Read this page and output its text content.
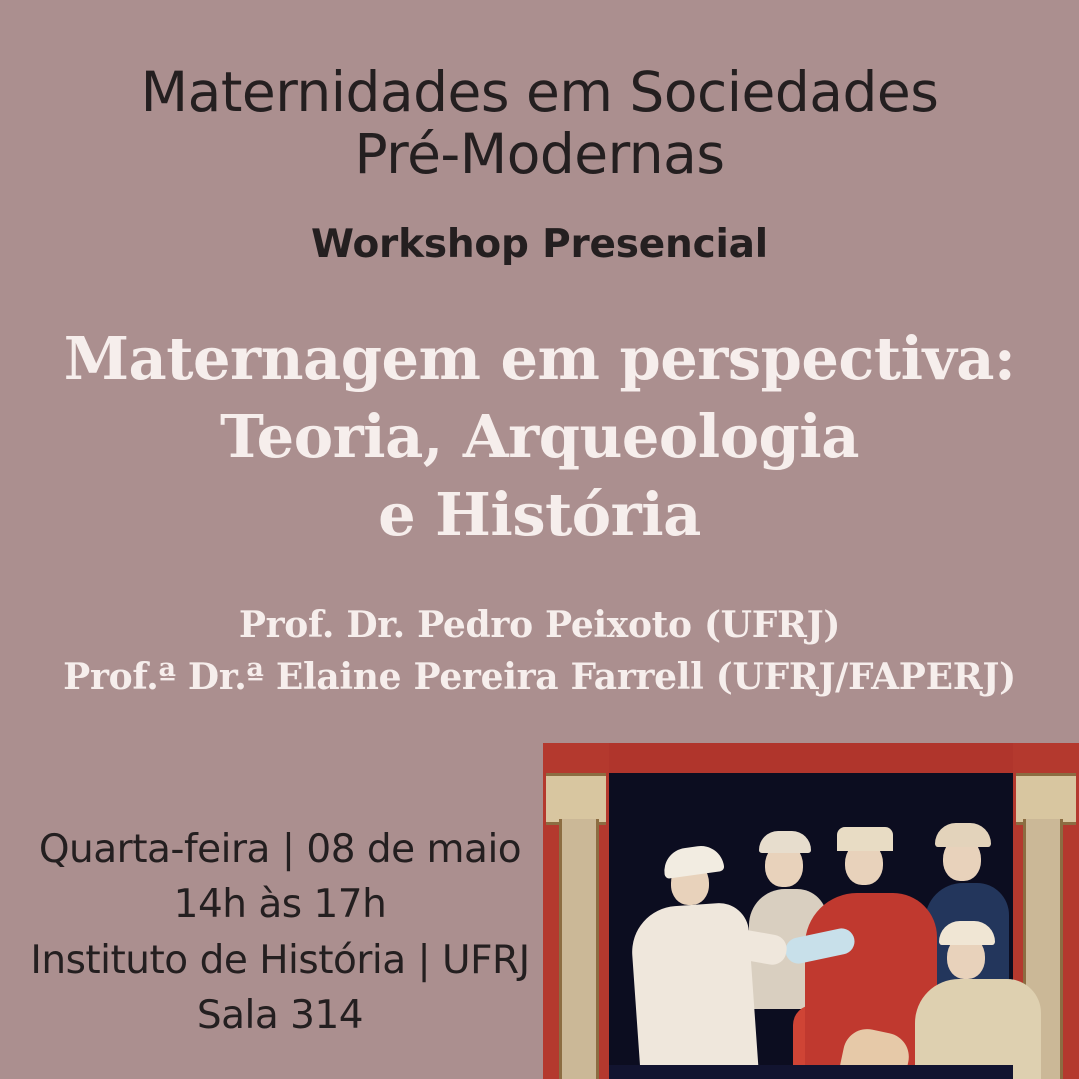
Maternidades em Sociedades
Pré-Modernas
Workshop Presencial
Maternagem em perspectiva:
Teoria, Arqueologia
e História
Prof. Dr. Pedro Peixoto (UFRJ)
Prof.ª Dr.ª Elaine Pereira Farrell (UFRJ/FAPERJ)
Quarta-feira | 08 de maio
14h às 17h
Instituto de História | UFRJ
Sala 314
